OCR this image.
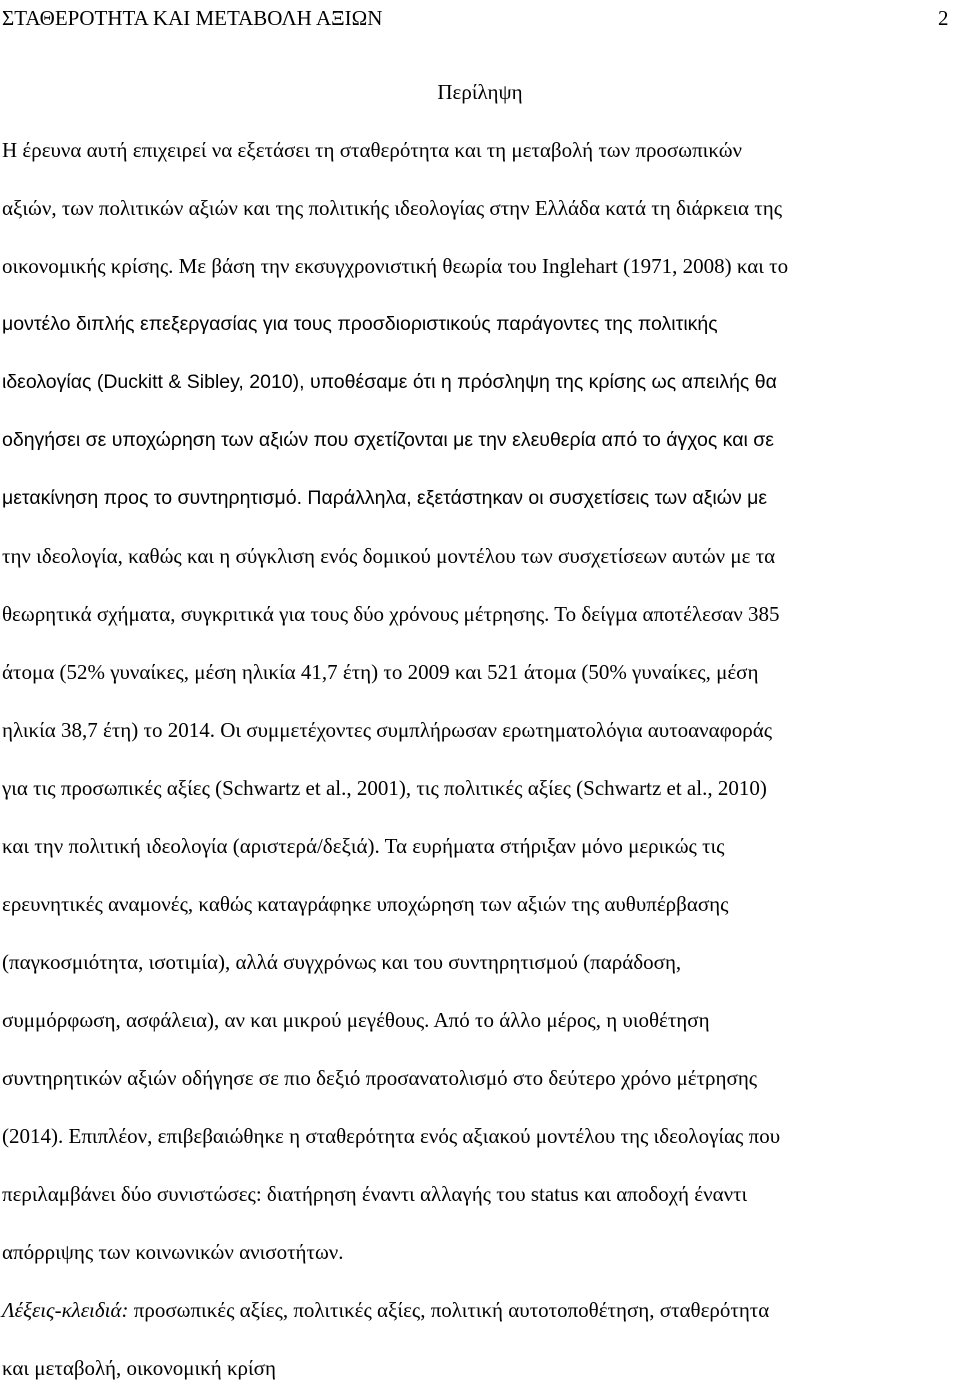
ΣΤΑΘΕΡΟΤΗΤΑ ΚΑΙ ΜΕΤΑΒΟΛΗ ΑΞΙΩΝ	2
Περίληψη
Η έρευνα αυτή επιχειρεί να εξετάσει τη σταθερότητα και τη μεταβολή των προσωπικών
αξιών, των πολιτικών αξιών και της πολιτικής ιδεολογίας στην Ελλάδα κατά τη διάρκεια της
οικονομικής κρίσης. Με βάση την εκσυγχρονιστική θεωρία του Inglehart (1971, 2008) και το
μοντέλο διπλής επεξεργασίας για τους προσδιοριστικούς παράγοντες της πολιτικής
ιδεολογίας (Duckitt & Sibley, 2010), υποθέσαμε ότι η πρόσληψη της κρίσης ως απειλής θα
οδηγήσει σε υποχώρηση των αξιών που σχετίζονται με την ελευθερία από το άγχος και σε
μετακίνηση προς το συντηρητισμό. Παράλληλα, εξετάστηκαν οι συσχετίσεις των αξιών με
την ιδεολογία, καθώς και η σύγκλιση ενός δομικού μοντέλου των συσχετίσεων αυτών με τα
θεωρητικά σχήματα, συγκριτικά για τους δύο χρόνους μέτρησης. Το δείγμα αποτέλεσαν 385
άτομα (52% γυναίκες, μέση ηλικία 41,7 έτη) το 2009 και 521 άτομα (50% γυναίκες, μέση
ηλικία 38,7 έτη) το 2014. Οι συμμετέχοντες συμπλήρωσαν ερωτηματολόγια αυτοαναφοράς
για τις προσωπικές αξίες (Schwartz et al., 2001), τις πολιτικές αξίες (Schwartz et al., 2010)
και την πολιτική ιδεολογία (αριστερά/δεξιά). Τα ευρήματα στήριξαν μόνο μερικώς τις
ερευνητικές αναμονές, καθώς καταγράφηκε υποχώρηση των αξιών της αυθυπέρβασης
(παγκοσμιότητα, ισοτιμία), αλλά συγχρόνως και του συντηρητισμού (παράδοση,
συμμόρφωση, ασφάλεια), αν και μικρού μεγέθους. Από το άλλο μέρος, η υιοθέτηση
συντηρητικών αξιών οδήγησε σε πιο δεξιό προσανατολισμό στο δεύτερο χρόνο μέτρησης
(2014). Επιπλέον, επιβεβαιώθηκε η σταθερότητα ενός αξιακού μοντέλου της ιδεολογίας που
περιλαμβάνει δύο συνιστώσες: διατήρηση έναντι αλλαγής του status και αποδοχή έναντι
απόρριψης των κοινωνικών ανισοτήτων.
Λέξεις-κλειδιά: προσωπικές αξίες, πολιτικές αξίες, πολιτική αυτοτοποθέτηση, σταθερότητα
και μεταβολή, οικονομική κρίση
